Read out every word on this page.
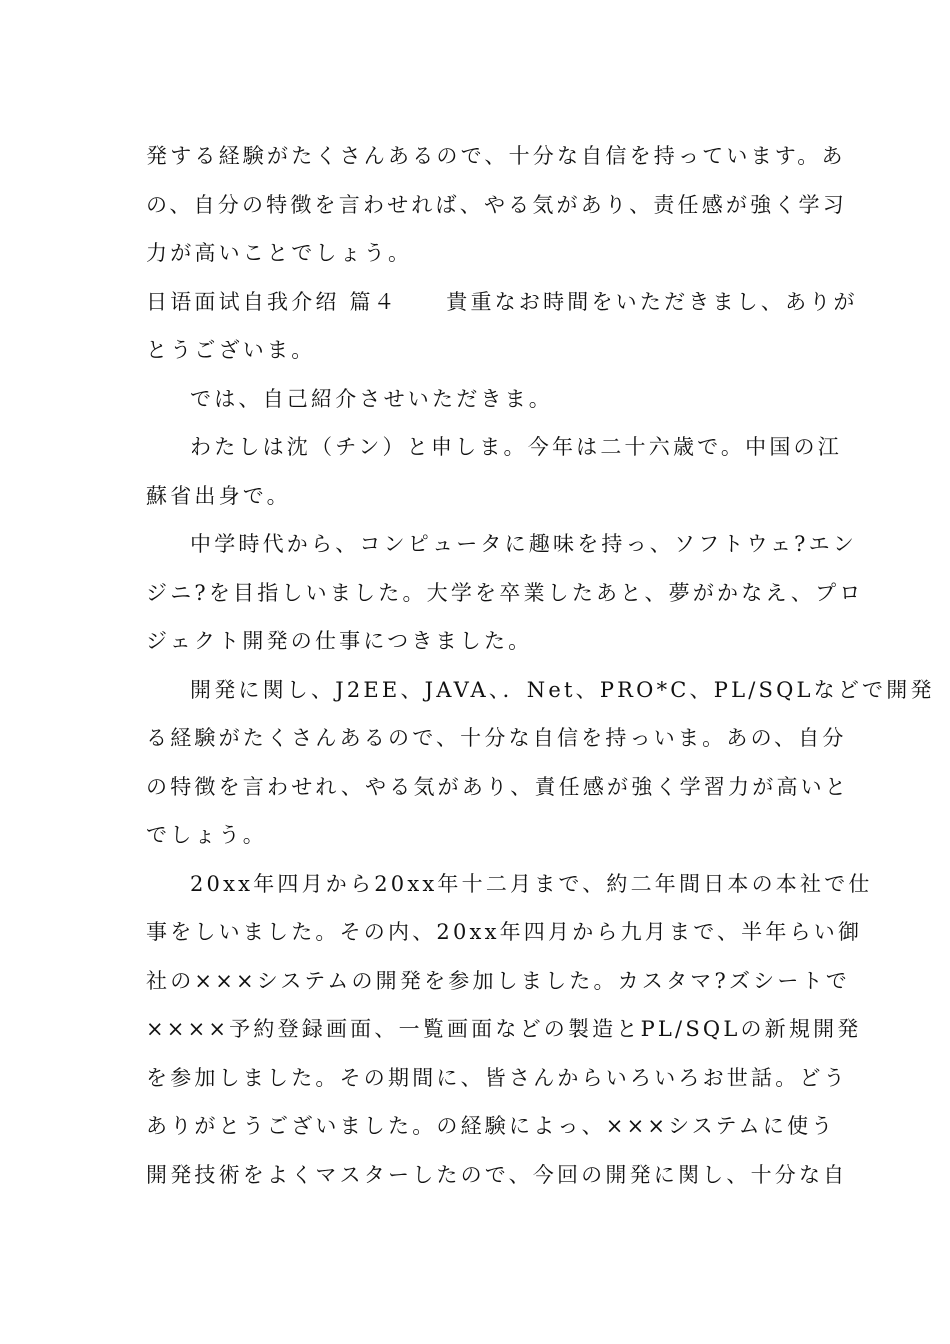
発する経験がたくさんあるので、十分な自信を持っています。あ
の、自分の特徴を言わせれば、やる気があり、责任感が強く学习
力が高いことでしょう。
日语面试自我介绍 篇４　　貴重なお時間をいただきまし、ありが
とうございま。
では、自己紹介させいただきま。
わたしは沈（チン）と申しま。今年は二十六歳で。中国の江
蘇省出身で。
中学時代から、コンピュータに趣味を持っ、ソフトウェ?エン
ジニ?を目指しいました。大学を卒業したあと、夢がかなえ、プロ
ジェクト開発の仕事につきました。
開発に関し、J2EE、JAVA、．Net、PRO*C、PL/SQLなどで開発
る経験がたくさんあるので、十分な自信を持っいま。あの、自分
の特徴を言わせれ、やる気があり、責任感が強く学習力が高いと
でしょう。
20xx年四月から20xx年十二月まで、約二年間日本の本社で仕
事をしいました。その内、20xx年四月から九月まで、半年らい御
社の×××システムの開発を参加しました。カスタマ?ズシートで
××××予約登録画面、一覧画面などの製造とPL/SQLの新規開発
を参加しました。その期間に、皆さんからいろいろお世話。どう
ありがとうございました。の経験によっ、×××システムに使う
開発技術をよくマスターしたので、今回の開発に関し、十分な自
